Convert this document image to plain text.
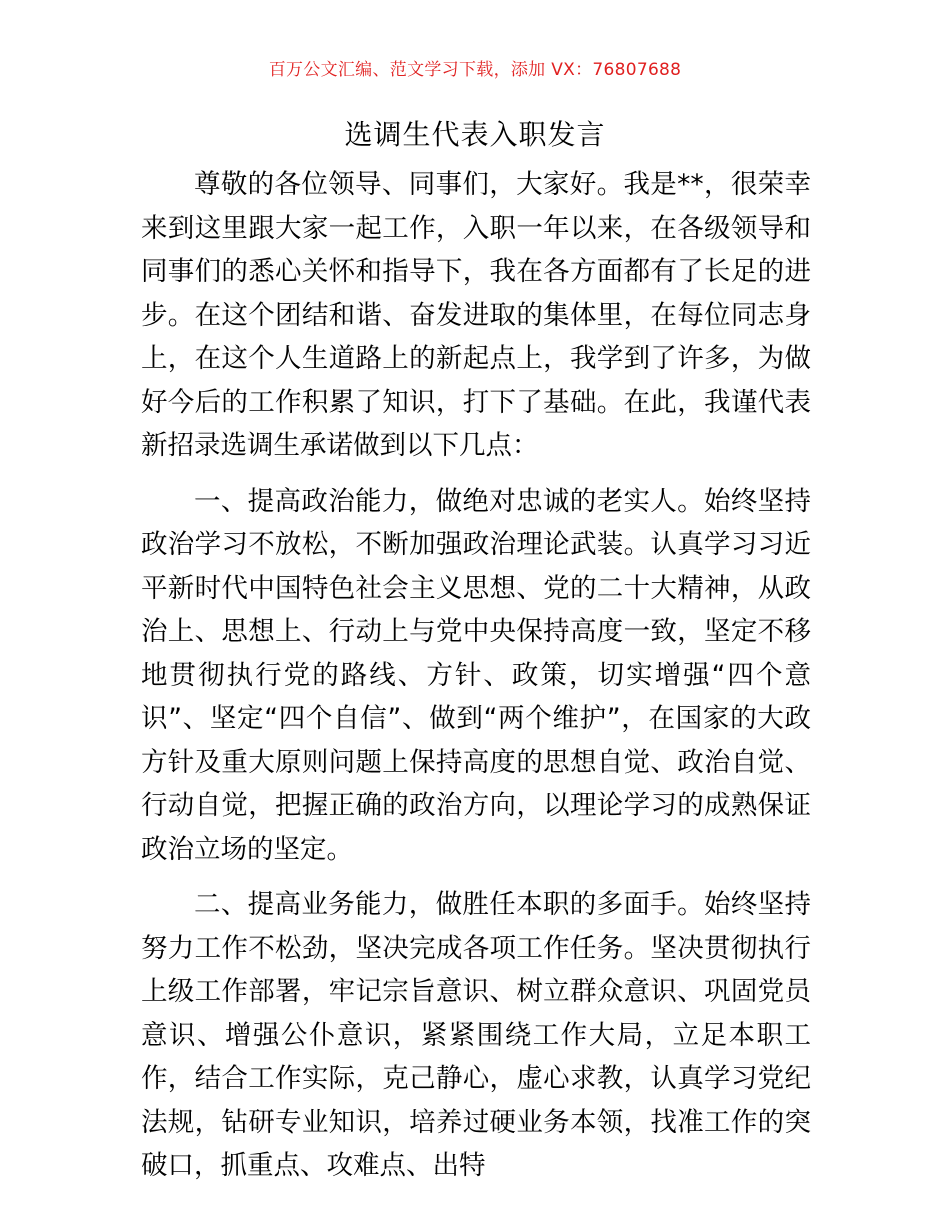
百万公文汇编、范文学习下载，添加 VX：76807688
选调生代表入职发言

尊敬的各位领导、同事们，大家好。我是**，很荣幸来到这里跟大家一起工作，入职一年以来，在各级领导和同事们的悉心关怀和指导下，我在各方面都有了长足的进步。在这个团结和谐、奋发进取的集体里，在每位同志身上，在这个人生道路上的新起点上，我学到了许多，为做好今后的工作积累了知识，打下了基础。在此，我谨代表新招录选调生承诺做到以下几点：

一、提高政治能力，做绝对忠诚的老实人。始终坚持政治学习不放松，不断加强政治理论武装。认真学习习近平新时代中国特色社会主义思想、党的二十大精神，从政治上、思想上、行动上与党中央保持高度一致，坚定不移地贯彻执行党的路线、方针、政策，切实增强“四个意识”、坚定“四个自信”、做到“两个维护”，在国家的大政方针及重大原则问题上保持高度的思想自觉、政治自觉、行动自觉，把握正确的政治方向，以理论学习的成熟保证政治立场的坚定。

二、提高业务能力，做胜任本职的多面手。始终坚持努力工作不松劲，坚决完成各项工作任务。坚决贯彻执行上级工作部署，牢记宗旨意识、树立群众意识、巩固党员意识、增强公仆意识，紧紧围绕工作大局，立足本职工作，结合工作实际，克己静心，虚心求教，认真学习党纪法规，钻研专业知识，培养过硬业务本领，找准工作的突破口，抓重点、攻难点、出特
